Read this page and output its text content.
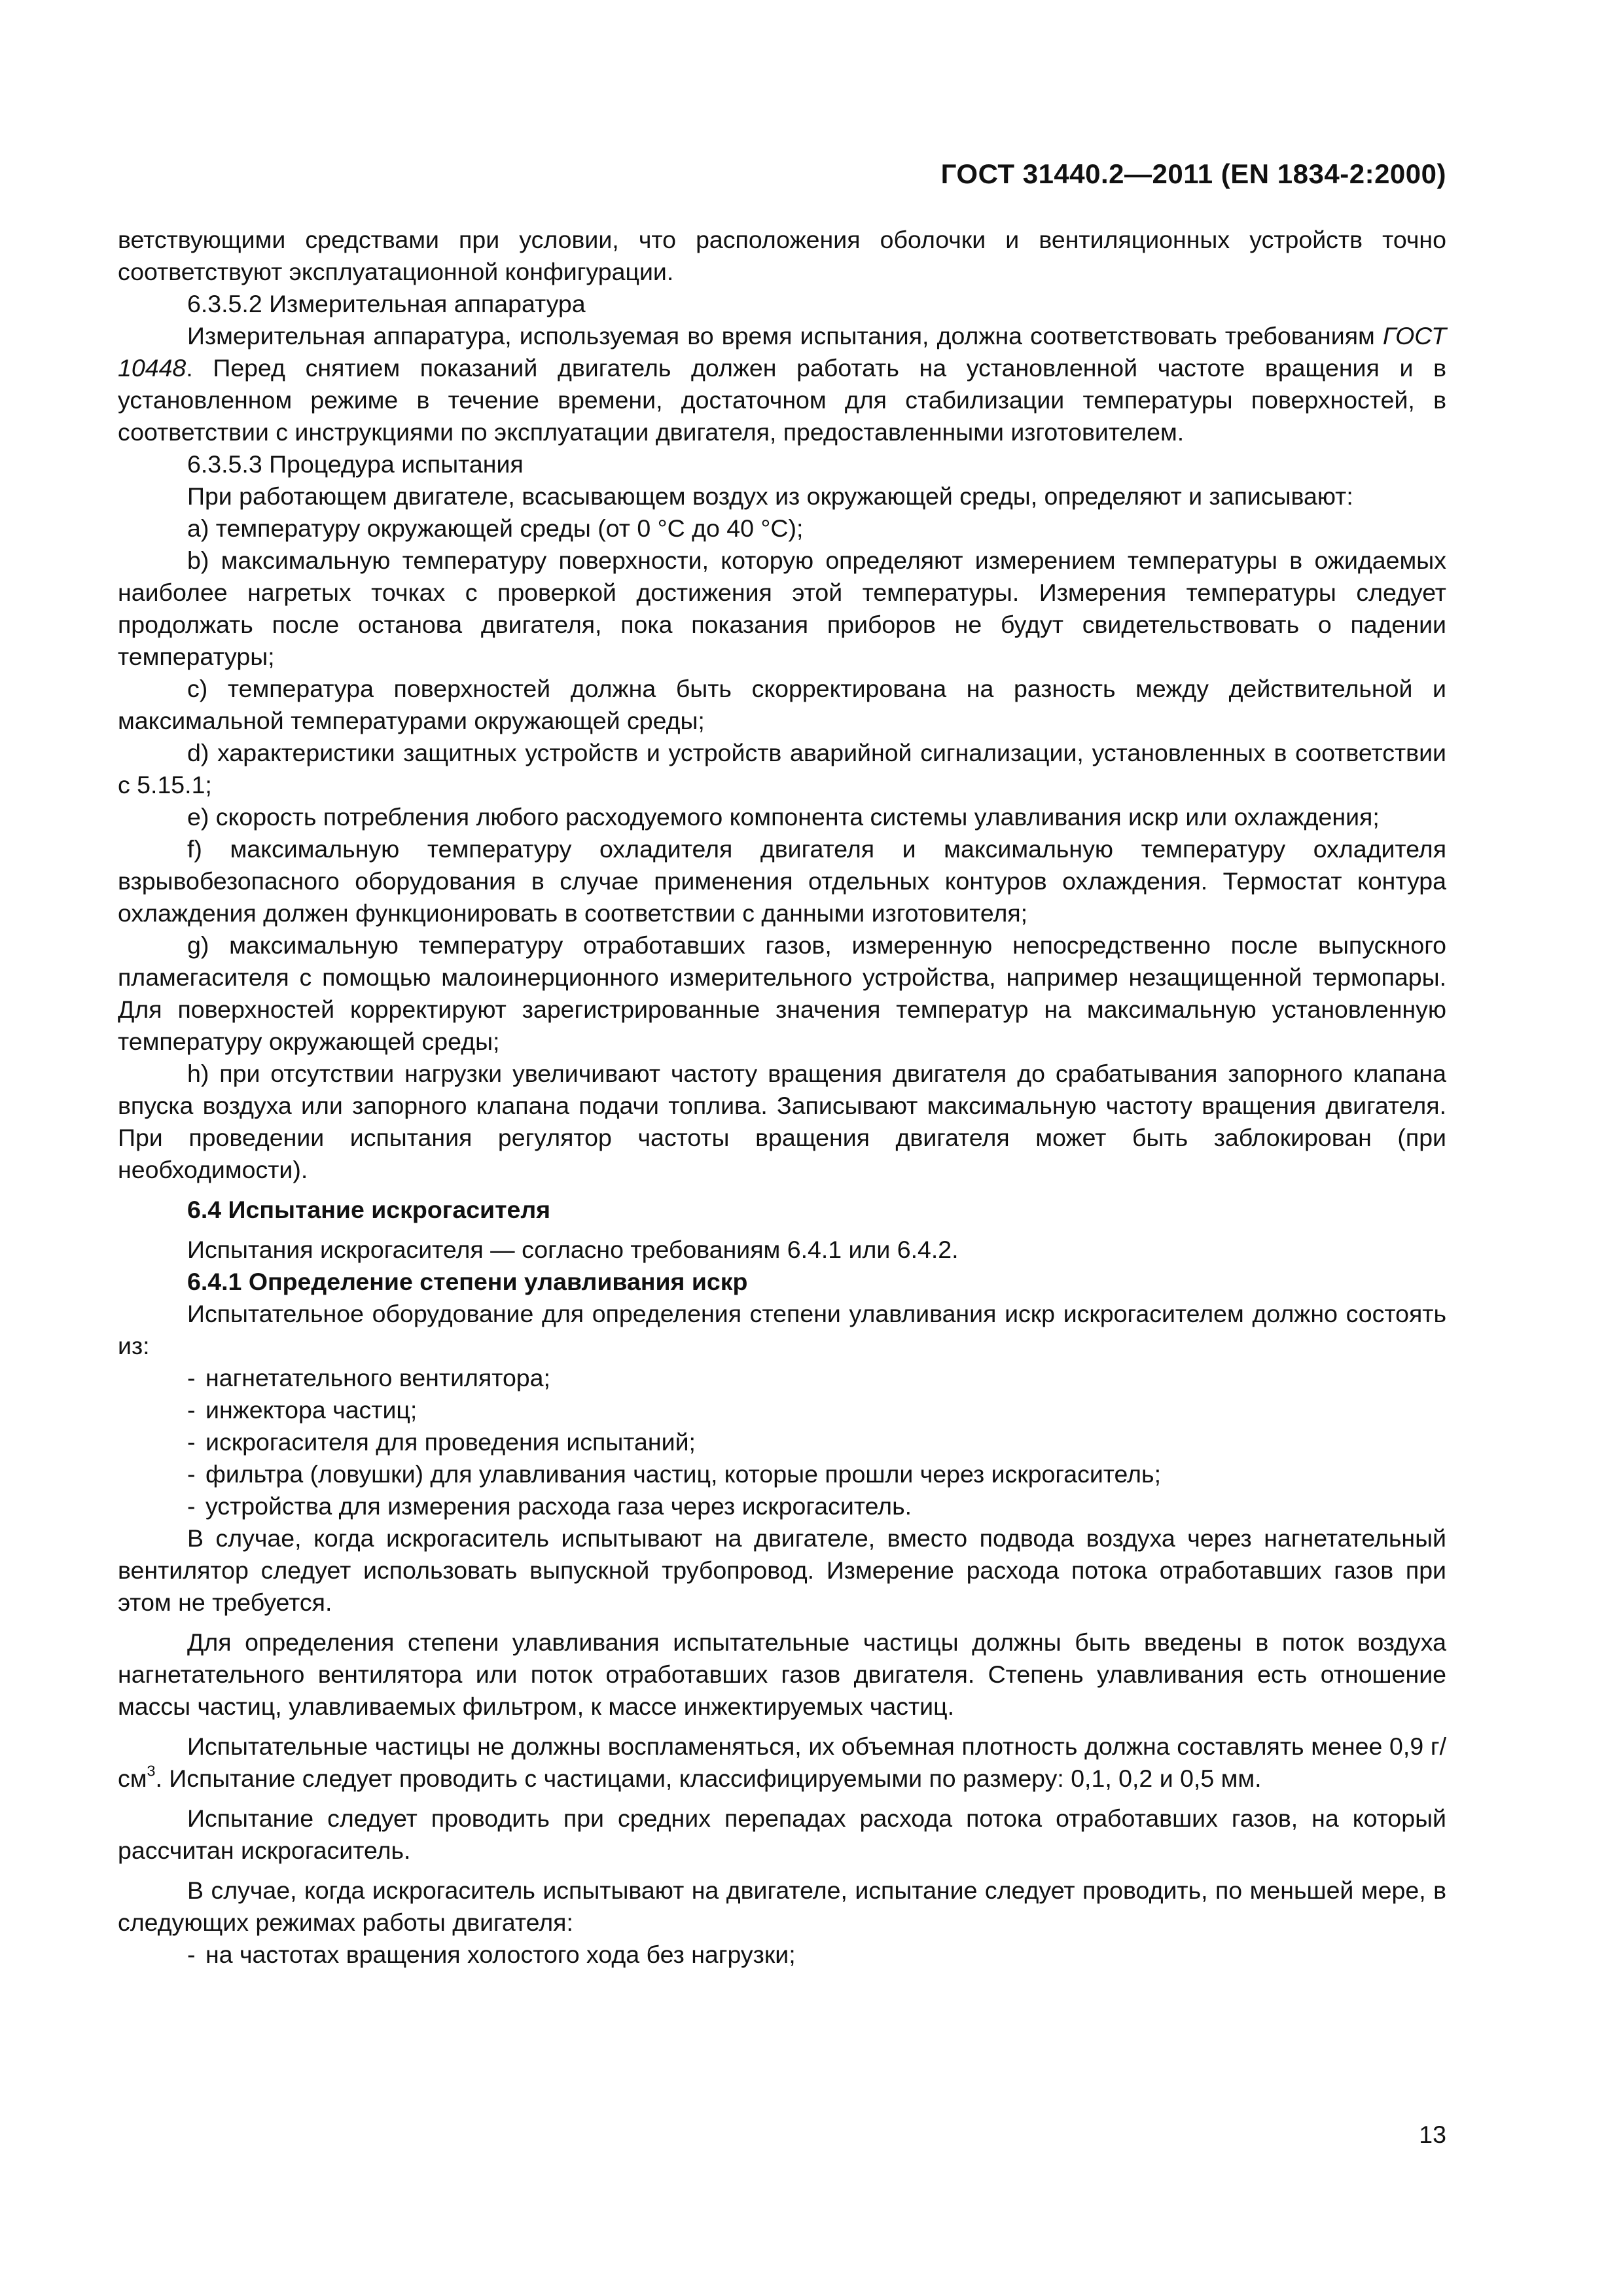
ГОСТ 31440.2—2011 (EN 1834-2:2000)

ветствующими средствами при условии, что расположения оболочки и вентиляционных устройств точно соответствуют эксплуатационной конфигурации.

6.3.5.2 Измерительная аппаратура

Измерительная аппаратура, используемая во время испытания, должна соответствовать требованиям ГОСТ 10448. Перед снятием показаний двигатель должен работать на установленной частоте вращения и в установленном режиме в течение времени, достаточном для стабилизации температуры поверхностей, в соответствии с инструкциями по эксплуатации двигателя, предоставленными изготовителем.

6.3.5.3 Процедура испытания

При работающем двигателе, всасывающем воздух из окружающей среды, определяют и записывают:

a) температуру окружающей среды (от 0 °С до 40 °С);

b) максимальную температуру поверхности, которую определяют измерением температуры в ожидаемых наиболее нагретых точках с проверкой достижения этой температуры. Измерения температуры следует продолжать после останова двигателя, пока показания приборов не будут свидетельствовать о падении температуры;

c) температура поверхностей должна быть скорректирована на разность между действительной и максимальной температурами окружающей среды;

d) характеристики защитных устройств и устройств аварийной сигнализации, установленных в соответствии с 5.15.1;

e) скорость потребления любого расходуемого компонента системы улавливания искр или охлаждения;

f) максимальную температуру охладителя двигателя и максимальную температуру охладителя взрывобезопасного оборудования в случае применения отдельных контуров охлаждения. Термостат контура охлаждения должен функционировать в соответствии с данными изготовителя;

g) максимальную температуру отработавших газов, измеренную непосредственно после выпускного пламегасителя с помощью малоинерционного измерительного устройства, например незащищенной термопары. Для поверхностей корректируют зарегистрированные значения температур на максимальную установленную температуру окружающей среды;

h) при отсутствии нагрузки увеличивают частоту вращения двигателя до срабатывания запорного клапана впуска воздуха или запорного клапана подачи топлива. Записывают максимальную частоту вращения двигателя. При проведении испытания регулятор частоты вращения двигателя может быть заблокирован (при необходимости).

6.4 Испытание искрогасителя

Испытания искрогасителя — согласно требованиям 6.4.1 или 6.4.2.

6.4.1 Определение степени улавливания искр

Испытательное оборудование для определения степени улавливания искр искрогасителем должно состоять из:

- нагнетательного вентилятора;

- инжектора частиц;

- искрогасителя для проведения испытаний;

- фильтра (ловушки) для улавливания частиц, которые прошли через искрогаситель;

- устройства для измерения расхода газа через искрогаситель.

В случае, когда искрогаситель испытывают на двигателе, вместо подвода воздуха через нагнетательный вентилятор следует использовать выпускной трубопровод. Измерение расхода потока отработавших газов при этом не требуется.

Для определения степени улавливания испытательные частицы должны быть введены в поток воздуха нагнетательного вентилятора или поток отработавших газов двигателя. Степень улавливания есть отношение массы частиц, улавливаемых фильтром, к массе инжектируемых частиц.

Испытательные частицы не должны воспламеняться, их объемная плотность должна составлять менее 0,9 $г/см^3$. Испытание следует проводить с частицами, классифицируемыми по размеру: 0,1, 0,2 и 0,5 мм.

Испытание следует проводить при средних перепадах расхода потока отработавших газов, на который рассчитан искрогаситель.

В случае, когда искрогаситель испытывают на двигателе, испытание следует проводить, по меньшей мере, в следующих режимах работы двигателя:

- на частотах вращения холостого хода без нагрузки;

13
